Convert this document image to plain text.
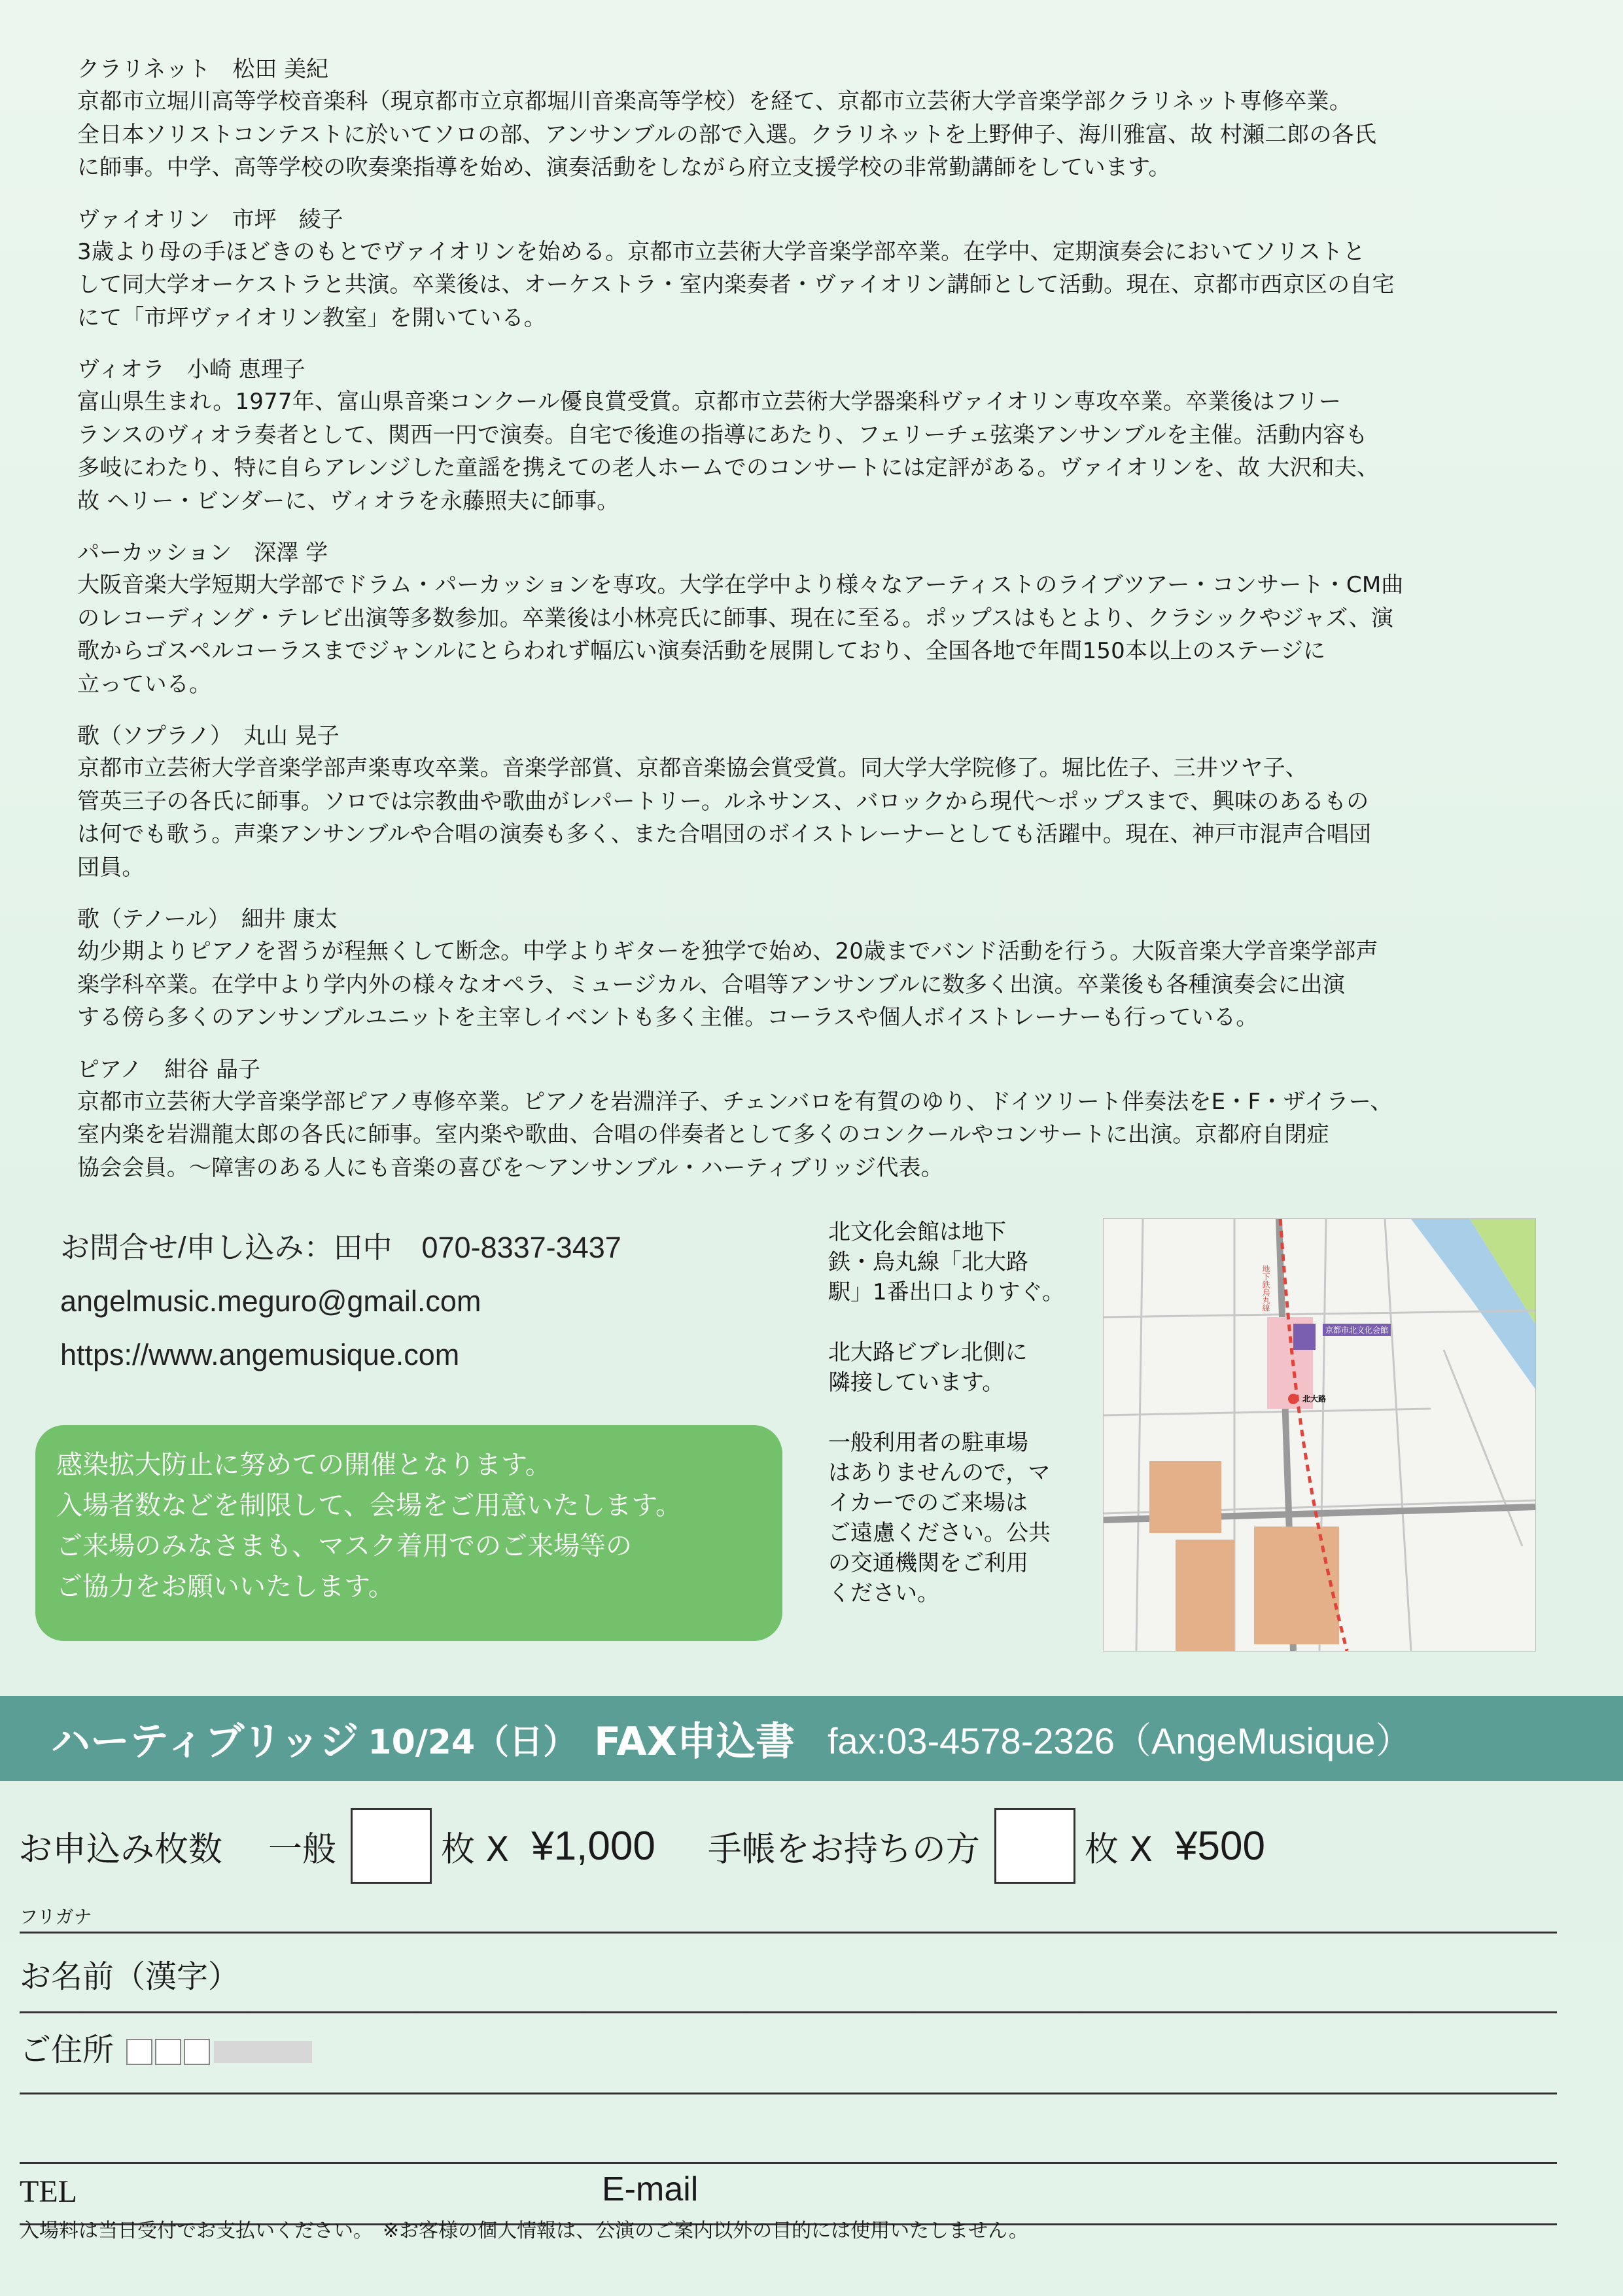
クラリネット　松田 美紀
京都市立堀川高等学校音楽科（現京都市立京都堀川音楽高等学校）を経て、京都市立芸術大学音楽学部クラリネット専修卒業。
全日本ソリストコンテストに於いてソロの部、アンサンブルの部で入選。クラリネットを上野伸子、海川雅富、故 村瀬二郎の各氏
に師事。中学、高等学校の吹奏楽指導を始め、演奏活動をしながら府立支援学校の非常勤講師をしています。
ヴァイオリン　市坪　綾子
3歳より母の手ほどきのもとでヴァイオリンを始める。京都市立芸術大学音楽学部卒業。在学中、定期演奏会においてソリストと
して同大学オーケストラと共演。卒業後は、オーケストラ・室内楽奏者・ヴァイオリン講師として活動。現在、京都市西京区の自宅
にて「市坪ヴァイオリン教室」を開いている。
ヴィオラ　小崎 恵理子
富山県生まれ。1977年、富山県音楽コンクール優良賞受賞。京都市立芸術大学器楽科ヴァイオリン専攻卒業。卒業後はフリー
ランスのヴィオラ奏者として、関西一円で演奏。自宅で後進の指導にあたり、フェリーチェ弦楽アンサンブルを主催。活動内容も
多岐にわたり、特に自らアレンジした童謡を携えての老人ホームでのコンサートには定評がある。ヴァイオリンを、故 大沢和夫、
故 ヘリー・ビンダーに、ヴィオラを永藤照夫に師事。
パーカッション　深澤 学
大阪音楽大学短期大学部でドラム・パーカッションを専攻。大学在学中より様々なアーティストのライブツアー・コンサート・CM曲
のレコーディング・テレビ出演等多数参加。卒業後は小林亮氏に師事、現在に至る。ポップスはもとより、クラシックやジャズ、演
歌からゴスペルコーラスまでジャンルにとらわれず幅広い演奏活動を展開しており、全国各地で年間150本以上のステージに
立っている。
歌（ソプラノ）　丸山 晃子
京都市立芸術大学音楽学部声楽専攻卒業。音楽学部賞、京都音楽協会賞受賞。同大学大学院修了。堀比佐子、三井ツヤ子、
管英三子の各氏に師事。ソロでは宗教曲や歌曲がレパートリー。ルネサンス、バロックから現代～ポップスまで、興味のあるもの
は何でも歌う。声楽アンサンブルや合唱の演奏も多く、また合唱団のボイストレーナーとしても活躍中。現在、神戸市混声合唱団
団員。
歌（テノール）　細井 康太
幼少期よりピアノを習うが程無くして断念。中学よりギターを独学で始め、20歳までバンド活動を行う。大阪音楽大学音楽学部声
楽学科卒業。在学中より学内外の様々なオペラ、ミュージカル、合唱等アンサンブルに数多く出演。卒業後も各種演奏会に出演
する傍ら多くのアンサンブルユニットを主宰しイベントも多く主催。コーラスや個人ボイストレーナーも行っている。
ピアノ　紺谷 晶子
京都市立芸術大学音楽学部ピアノ専修卒業。ピアノを岩淵洋子、チェンバロを有賀のゆり、ドイツリート伴奏法をE・F・ザイラー、
室内楽を岩淵龍太郎の各氏に師事。室内楽や歌曲、合唱の伴奏者として多くのコンクールやコンサートに出演。京都府自閉症
協会会員。～障害のある人にも音楽の喜びを～アンサンブル・ハーティブリッジ代表。
お問合せ/申し込み：田中　070-8337-3437
angelmusic.meguro@gmail.com
https://www.angemusique.com
感染拡大防止に努めての開催となります。
入場者数などを制限して、会場をご用意いたします。
ご来場のみなさまも、マスク着用でのご来場等の
ご協力をお願いいたします。

北文化会館は地下
鉄・烏丸線「北大路
駅」1番出口よりすぐ。

北大路ビブレ北側に
隣接しています。

一般利用者の駐車場
はありませんので，マ
イカーでのご来場は
ご遠慮ください。公共
の交通機関をご利用
ください。

京都市北文化会館
北大路
地下鉄烏丸線
ハーティブリッジ 10/24（日） FAX申込書 fax:03-4578-2326（AngeMusique）
お申込み枚数 一般	枚 X ¥1,000 手帳をお持ちの方	枚 X ¥500
フリガナ
お名前（漢字）
ご住所
TEL	E-mail
入場料は当日受付でお支払いください。　※お客様の個人情報は、公演のご案内以外の目的には使用いたしません。
